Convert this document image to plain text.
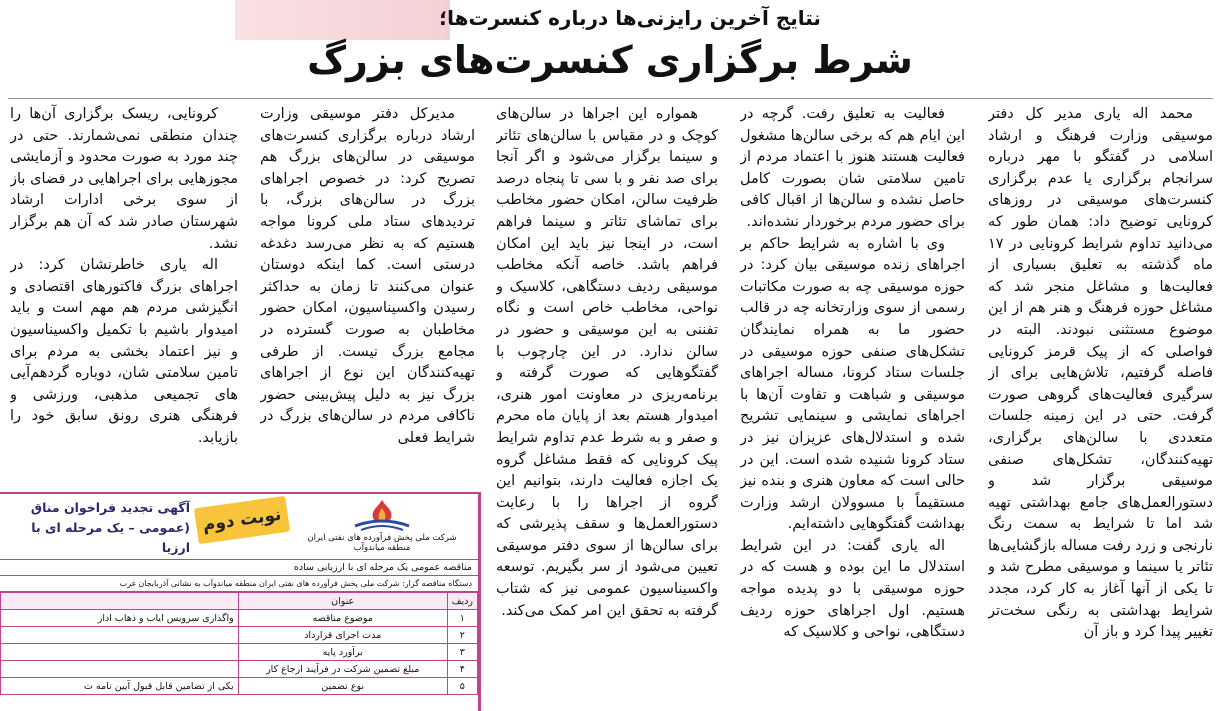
نتایج آخرین رایزنی‌ها درباره کنسرت‌ها؛
شرط برگزاری کنسرت‌های بزرگ

محمد اله یاری مدیر کل دفتر موسیقی وزارت فرهنگ و ارشاد اسلامی در گفتگو با مهر درباره سرانجام برگزاری یا عدم برگزاری کنسرت‌های موسیقی در روزهای کرونایی توضیح داد: همان طور که می‌دانید تداوم شرایط کرونایی در ۱۷ ماه گذشته به تعلیق بسیاری از فعالیت‌ها و مشاغل منجر شد که مشاغل حوزه فرهنگ و هنر هم از این موضوع مستثنی نبودند. البته در فواصلی که از پیک قرمز کرونایی فاصله گرفتیم، تلاش‌هایی برای از سرگیری فعالیت‌های گروهی صورت گرفت. حتی در این زمینه جلسات متعددی با سالن‌های برگزاری، تهیه‌کنندگان، تشکل‌های صنفی موسیقی برگزار شد و دستورالعمل‌های جامع بهداشتی تهیه شد اما تا شرایط به سمت رنگ نارنجی و زرد رفت مساله بازگشایی‌ها تئاتر یا سینما و موسیقی مطرح شد و تا یکی از آنها آغاز به کار کرد، مجدد شرایط بهداشتی به رنگی سخت‌تر تغییر پیدا کرد و باز آن

فعالیت به تعلیق رفت. گرچه در این ایام هم که برخی سالن‌ها مشغول فعالیت هستند هنوز با اعتماد مردم از تامین سلامتی شان بصورت کامل حاصل نشده و سالن‌ها از اقبال کافی برای حضور مردم برخوردار نشده‌اند.

وی با اشاره به شرایط حاکم بر اجراهای زنده موسیقی بیان کرد: در حوزه موسیقی چه به صورت مکاتبات رسمی از سوی وزارتخانه چه در قالب حضور ما به همراه نمایندگان تشکل‌های صنفی حوزه موسیقی در جلسات ستاد کرونا، مساله اجراهای موسیقی و شباهت و تفاوت آن‌ها با اجراهای نمایشی و سینمایی تشریح شده و استدلال‌های عزیزان نیز در ستاد کرونا شنیده شده است. این در حالی است که معاون هنری و بنده نیز مستقیماً با مسوولان ارشد وزارت بهداشت گفتگوهایی داشته‌ایم.

اله یاری گفت: در این شرایط استدلال ما این بوده و هست که در حوزه موسیقی با دو پدیده مواجه هستیم. اول اجراهای حوزه ردیف دستگاهی، نواحی و کلاسیک که

همواره این اجراها در سالن‌های کوچک و در مقیاس با سالن‌های تئاتر و سینما برگزار می‌شود و اگر آنجا برای صد نفر و با سی تا پنجاه درصد ظرفیت سالن، امکان حضور مخاطب برای تماشای تئاتر و سینما فراهم است، در اینجا نیز باید این امکان فراهم باشد. خاصه آنکه مخاطب موسیقی ردیف دستگاهی، کلاسیک و نواحی، مخاطب خاص است و نگاه تفننی به این موسیقی و حضور در سالن ندارد. در این چارچوب با گفتگوهایی که صورت گرفته و برنامه‌ریزی در معاونت امور هنری، امیدوار هستم بعد از پایان ماه محرم و صفر و به شرط عدم تداوم شرایط پیک کرونایی که فقط مشاغل گروه یک اجازه فعالیت دارند، بتوانیم این گروه از اجراها را با رعایت دستورالعمل‌ها و سقف پذیرشی که برای سالن‌ها از سوی دفتر موسیقی تعیین می‌شود از سر بگیریم. توسعه واکسیناسیون عمومی نیز که شتاب گرفته به تحقق این امر کمک می‌کند.

مدیرکل دفتر موسیقی وزارت ارشاد درباره برگزاری کنسرت‌های موسیقی در سالن‌های بزرگ هم تصریح کرد: در خصوص اجراهای بزرگ در سالن‌های بزرگ، با تردیدهای ستاد ملی کرونا مواجه هستیم که به نظر می‌رسد دغدغه درستی است. کما اینکه دوستان عنوان می‌کنند تا زمان به حداکثر رسیدن واکسیناسیون، امکان حضور مخاطبان به صورت گسترده در مجامع بزرگ نیست. از طرفی تهیه‌کنندگان این نوع از اجراهای بزرگ نیز به دلیل پیش‌بینی حضور ناکافی مردم در سالن‌های بزرگ در شرایط فعلی

کرونایی، ریسک برگزاری آن‌ها را چندان منطقی نمی‌شمارند. حتی در چند مورد به صورت محدود و آزمایشی مجوزهایی برای اجراهایی در فضای باز از سوی برخی ادارات ارشاد شهرستان صادر شد که آن هم برگزار نشد.

اله یاری خاطرنشان کرد: در اجراهای بزرگ فاکتورهای اقتصادی و انگیزشی مردم هم مهم است و باید امیدوار باشیم با تکمیل واکسیناسیون و نیز اعتماد بخشی به مردم برای تامین سلامتی شان، دوباره گردهم‌آیی های تجمیعی مذهبی، ورزشی و فرهنگی هنری رونق سابق خود را بازیابد.

شرکت ملی پخش فرآورده های نفتی ایران
منطقه میاندوآب
نوبت دوم
آگهی تجدید فراخوان مناق
(عمومی – یک مرحله ای با ارزیا
مناقصه عمومی یک مرحله ای با ارزیابی ساده
دستگاه مناقصه گزار: شرکت ملی پخش فرآورده های نفتی ایران منطقه میاندوآب به نشانی آذربایجان غرب
ردیف	عنوان	
۱	موضوع مناقصه	واگذاری سرویس ایاب و ذهاب ادار
۲	مدت اجرای قرارداد	
۳	برآورد پایه	
۴	مبلغ تضمین شرکت در فرآیند ارجاع کار	
۵	نوع تضمین	یکی از تضامین قابل قبول آیین نامه ت
